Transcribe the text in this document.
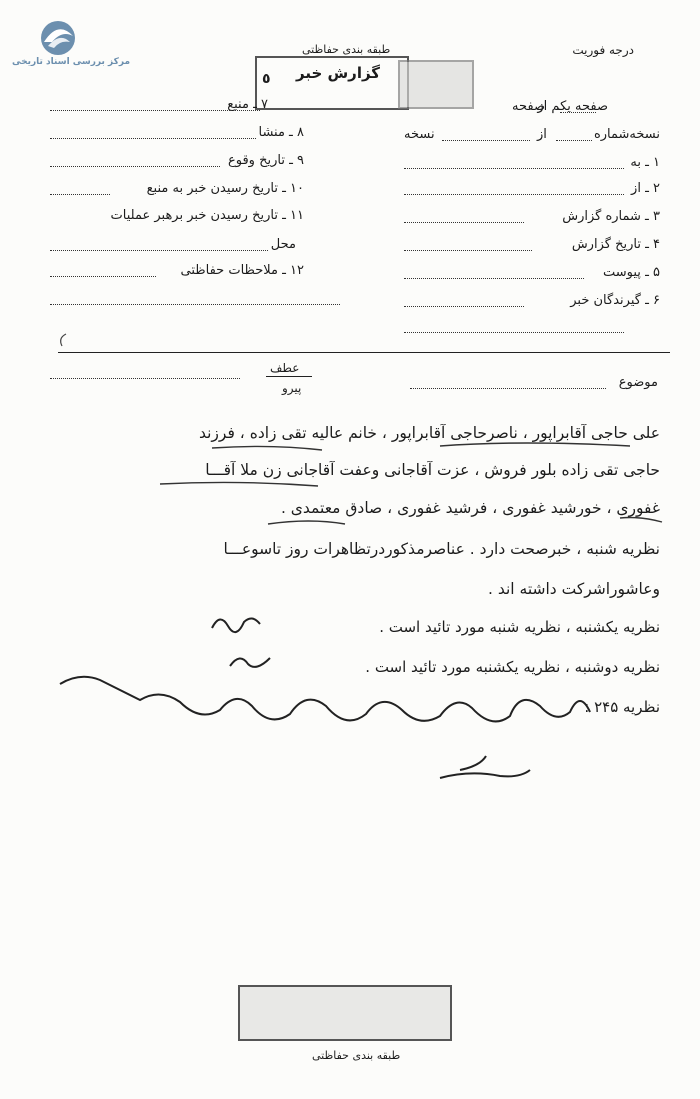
مرکز بررسی اسناد تاریخی
درجه فوریت
طبقه بندی حفاظتی
گزارش خبر
٥
صفحه یکم از
صفحه
نسخه‌شماره
از
نسخه
۷ ـ منبع
۸ ـ منشا
۹ ـ تاریخ وقوع
۱۰ ـ تاریخ رسیدن خبر به منبع
۱۱ ـ تاریخ رسیدن خبر برهبر عملیات
محل
۱۲ ـ ملاحظات حفاظتی
۱ ـ به
۲ ـ از
۳ ـ شماره گزارش
۴ ـ تاریخ گزارش
۵ ـ پیوست
۶ ـ گیرندگان خبر
عطف
پیرو	موضوع
علی حاجی آقابراپور ، ناصرحاجی آقابراپور ، خانم عالیه تقی زاده ، فرزند
حاجی تقی زاده بلور فروش ، عزت آقاجانی وعفت آقاجانی زن ملا آقـــا
غفوری ، خورشید غفوری ، فرشید غفوری ، صادق معتمدی .
نظریه شنبه ، خبرصحت دارد . عناصرمذکوردرتظاهرات روز تاسوعـــا
وعاشوراشرکت داشته اند .
نظریه یکشنبه ، نظریه شنبه مورد تائید است .
نظریه دوشنبه ، نظریه یکشنبه مورد تائید است .
نظریه ۲۴۵ :
طبقه بندی حفاظتی
